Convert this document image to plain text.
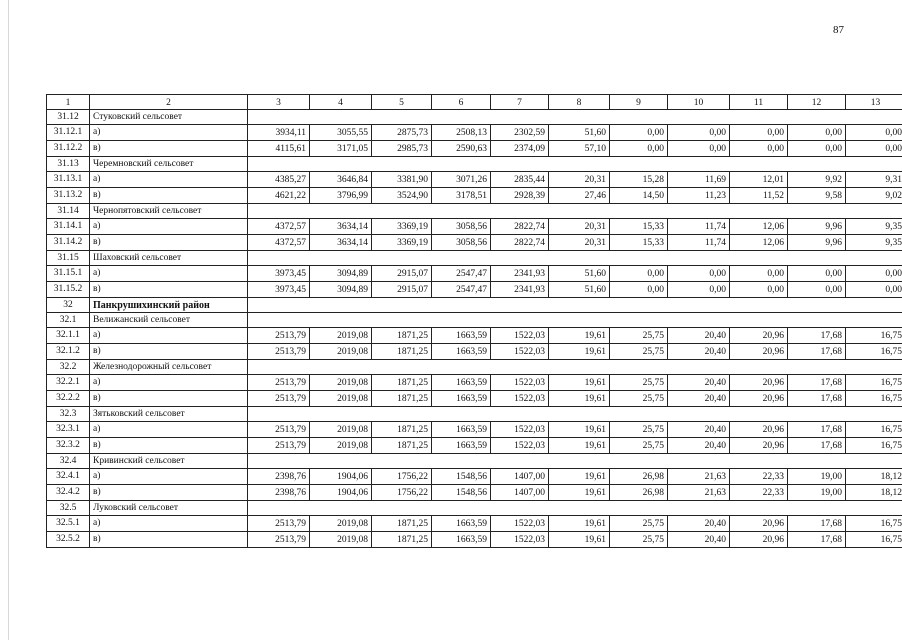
87
1	2	3	4	5	6	7	8	9	10	11	12	13
31.12	Стуковский сельсовет											
31.12.1	а)	3934,11	3055,55	2875,73	2508,13	2302,59	51,60	0,00	0,00	0,00	0,00	0,00
31.12.2	в)	4115,61	3171,05	2985,73	2590,63	2374,09	57,10	0,00	0,00	0,00	0,00	0,00
31.13	Черемновский сельсовет											
31.13.1	а)	4385,27	3646,84	3381,90	3071,26	2835,44	20,31	15,28	11,69	12,01	9,92	9,31
31.13.2	в)	4621,22	3796,99	3524,90	3178,51	2928,39	27,46	14,50	11,23	11,52	9,58	9,02
31.14	Чернопятовский сельсовет											
31.14.1	а)	4372,57	3634,14	3369,19	3058,56	2822,74	20,31	15,33	11,74	12,06	9,96	9,35
31.14.2	в)	4372,57	3634,14	3369,19	3058,56	2822,74	20,31	15,33	11,74	12,06	9,96	9,35
31.15	Шаховский сельсовет											
31.15.1	а)	3973,45	3094,89	2915,07	2547,47	2341,93	51,60	0,00	0,00	0,00	0,00	0,00
31.15.2	в)	3973,45	3094,89	2915,07	2547,47	2341,93	51,60	0,00	0,00	0,00	0,00	0,00
32	Панкрушихинский район											
32.1	Велижанский сельсовет											
32.1.1	а)	2513,79	2019,08	1871,25	1663,59	1522,03	19,61	25,75	20,40	20,96	17,68	16,75
32.1.2	в)	2513,79	2019,08	1871,25	1663,59	1522,03	19,61	25,75	20,40	20,96	17,68	16,75
32.2	Железнодорожный сельсовет											
32.2.1	а)	2513,79	2019,08	1871,25	1663,59	1522,03	19,61	25,75	20,40	20,96	17,68	16,75
32.2.2	в)	2513,79	2019,08	1871,25	1663,59	1522,03	19,61	25,75	20,40	20,96	17,68	16,75
32.3	Зятьковский сельсовет											
32.3.1	а)	2513,79	2019,08	1871,25	1663,59	1522,03	19,61	25,75	20,40	20,96	17,68	16,75
32.3.2	в)	2513,79	2019,08	1871,25	1663,59	1522,03	19,61	25,75	20,40	20,96	17,68	16,75
32.4	Кривинский сельсовет											
32.4.1	а)	2398,76	1904,06	1756,22	1548,56	1407,00	19,61	26,98	21,63	22,33	19,00	18,12
32.4.2	в)	2398,76	1904,06	1756,22	1548,56	1407,00	19,61	26,98	21,63	22,33	19,00	18,12
32.5	Луковский сельсовет											
32.5.1	а)	2513,79	2019,08	1871,25	1663,59	1522,03	19,61	25,75	20,40	20,96	17,68	16,75
32.5.2	в)	2513,79	2019,08	1871,25	1663,59	1522,03	19,61	25,75	20,40	20,96	17,68	16,75
